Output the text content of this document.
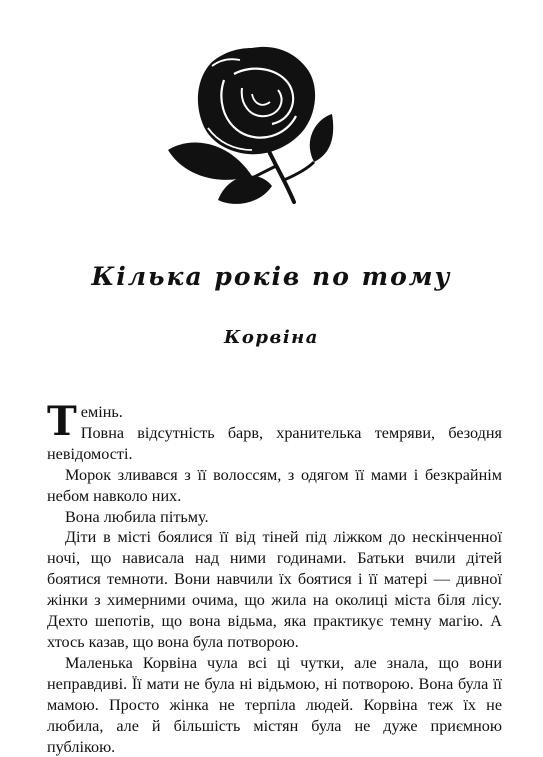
Кілька років по тому
Корвіна

Темінь.
Повна відсутність барв, хранителька темряви, безодня невідомості.

Морок зливався з її волоссям, з одягом її мами і безкрайнім небом навколо них.

Вона любила пітьму.

Діти в місті боялися її від тіней під ліжком до нескінченної ночі, що нависала над ними годинами. Батьки вчили дітей боятися темноти. Вони навчили їх боятися і її матері — дивної жінки з химерними очима, що жила на околиці міста біля лісу. Дехто шепотів, що вона відьма, яка практикує темну магію. А хтось казав, що вона була потворою.

Маленька Корвіна чула всі ці чутки, але знала, що вони неправдиві. Її мати не була ні відьмою, ні потворою. Вона була її мамою. Просто жінка не терпіла людей. Корвіна теж їх не любила, але й більшість містян була не дуже приємною публікою.
